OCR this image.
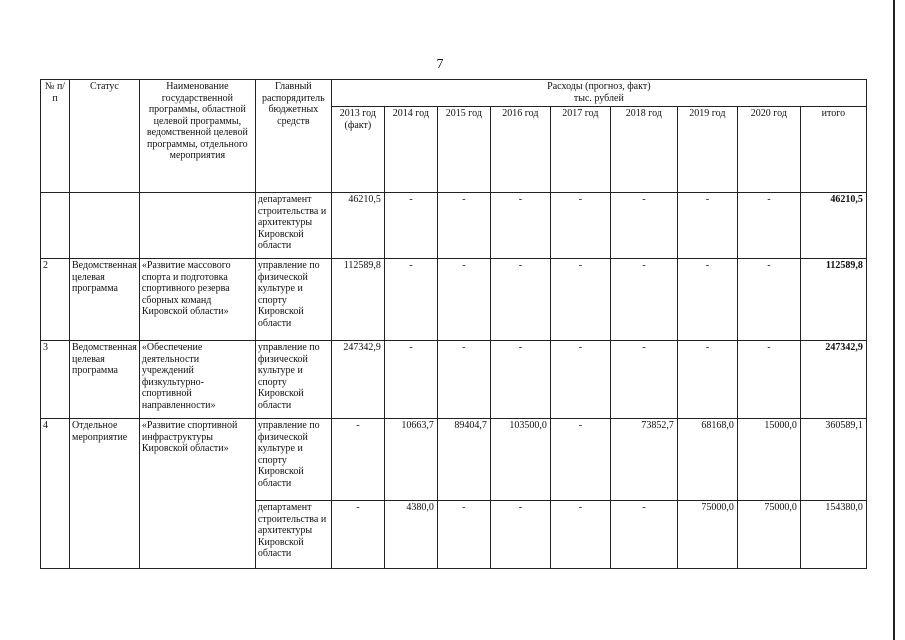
7
№ п/п	Статус	Наименование государственной программы, областной целевой программы, ведомственной целевой программы, отдельного мероприятия	Главный распорядитель бюджетных средств	Расходы (прогноз, факт)
тыс. рублей								

				2013 год (факт)	2014 год	2015 год	2016 год	2017 год	2018 год	2019 год	2020 год	итого
			департамент строительства и архитектуры Кировской области	46210,5	-	-	-	-	-	-	-	46210,5
2	Ведомственная целевая программа	«Развитие массового спорта и подготовка спортивного резерва сборных команд Кировской области»	управление по физической культуре и спорту Кировской области	112589,8	-	-	-	-	-	-	-	112589,8
3	Ведомственная целевая программа	«Обеспечение деятельности учреждений физкультурно-спортивной направленности»	управление по физической культуре и спорту Кировской области	247342,9	-	-	-	-	-	-	-	247342,9
4	Отдельное мероприятие	«Развитие спортивной инфраструктуры Кировской области»	управление по физической культуре и спорту Кировской области	-	10663,7	89404,7	103500,0	-	73852,7	68168,0	15000,0	360589,1
			департамент строительства и архитектуры Кировской области	-	4380,0	-	-	-	-	75000,0	75000,0	154380,0
